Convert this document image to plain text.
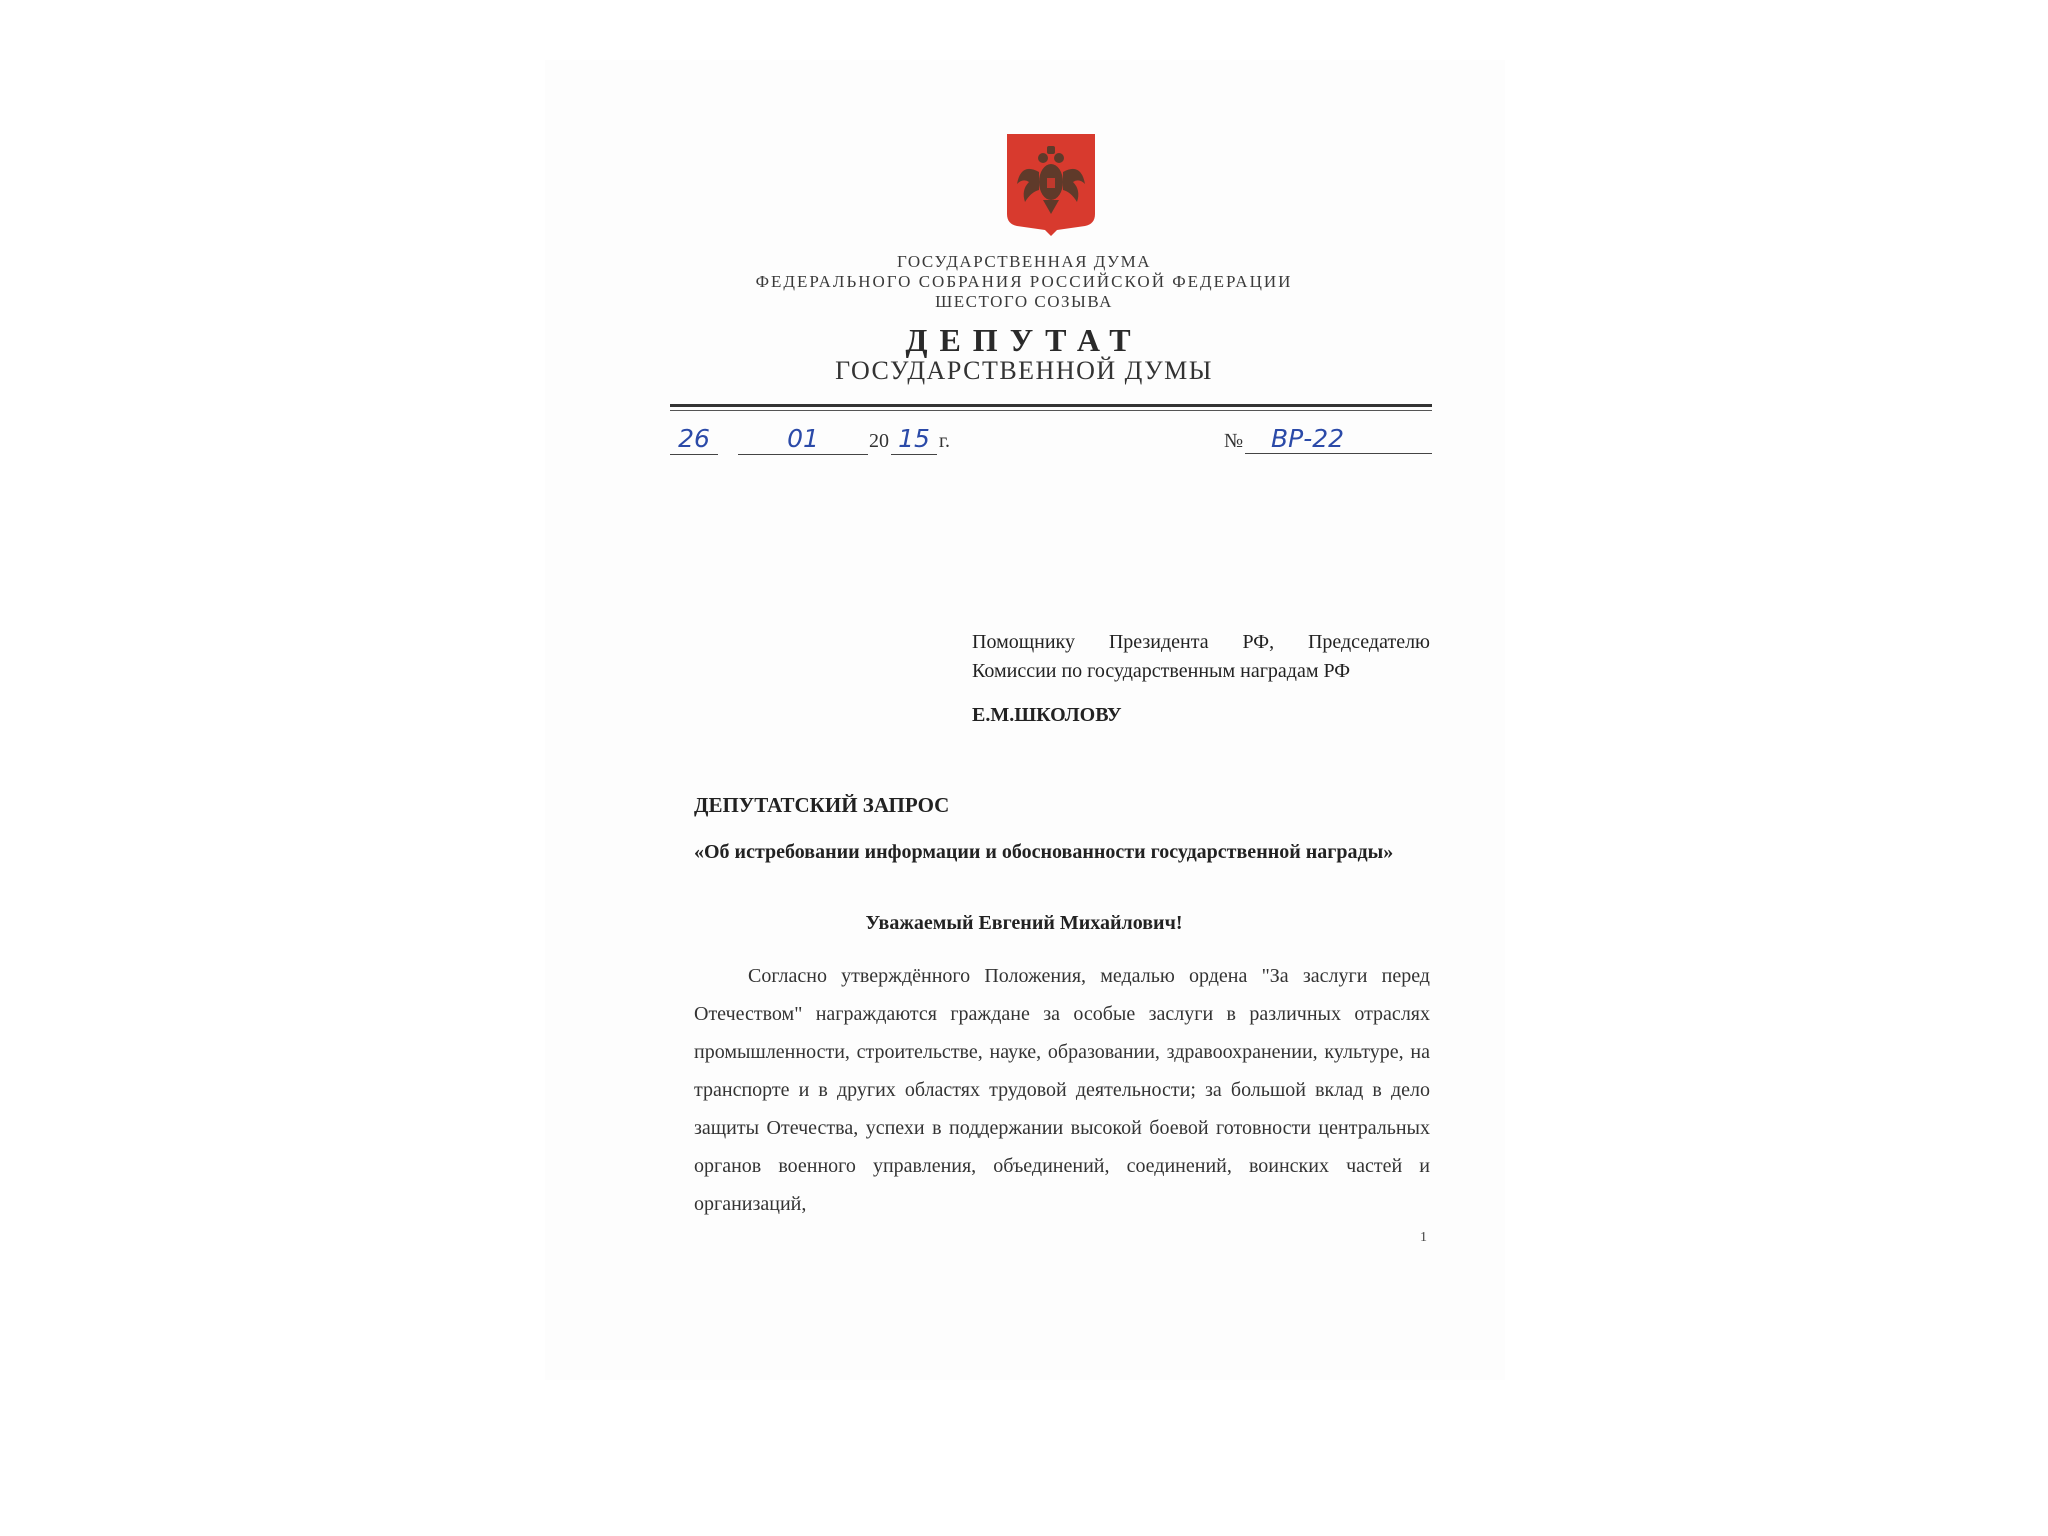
ГОСУДАРСТВЕННАЯ ДУМА
ФЕДЕРАЛЬНОГО СОБРАНИЯ РОССИЙСКОЙ ФЕДЕРАЦИИ
ШЕСТОГО СОЗЫВА
ДЕПУТАТ
ГОСУДАРСТВЕННОЙ ДУМЫ
26	01	20 15 г.	№	ВР-22
Помощнику Президента РФ, Председателю Комиссии по государственным наградам РФ
Е.М.ШКОЛОВУ
ДЕПУТАТСКИЙ ЗАПРОС
«Об истребовании информации и обоснованности государственной награды»
Уважаемый Евгений Михайлович!
Согласно утверждённого Положения, медалью ордена "За заслуги перед Отечеством" награждаются граждане за особые заслуги в различных отраслях промышленности, строительстве, науке, образовании, здравоохранении, культуре, на транспорте и в других областях трудовой деятельности; за большой вклад в дело защиты Отечества, успехи в поддержании высокой боевой готовности центральных органов военного управления, объединений, соединений, воинских частей и организаций,
1
